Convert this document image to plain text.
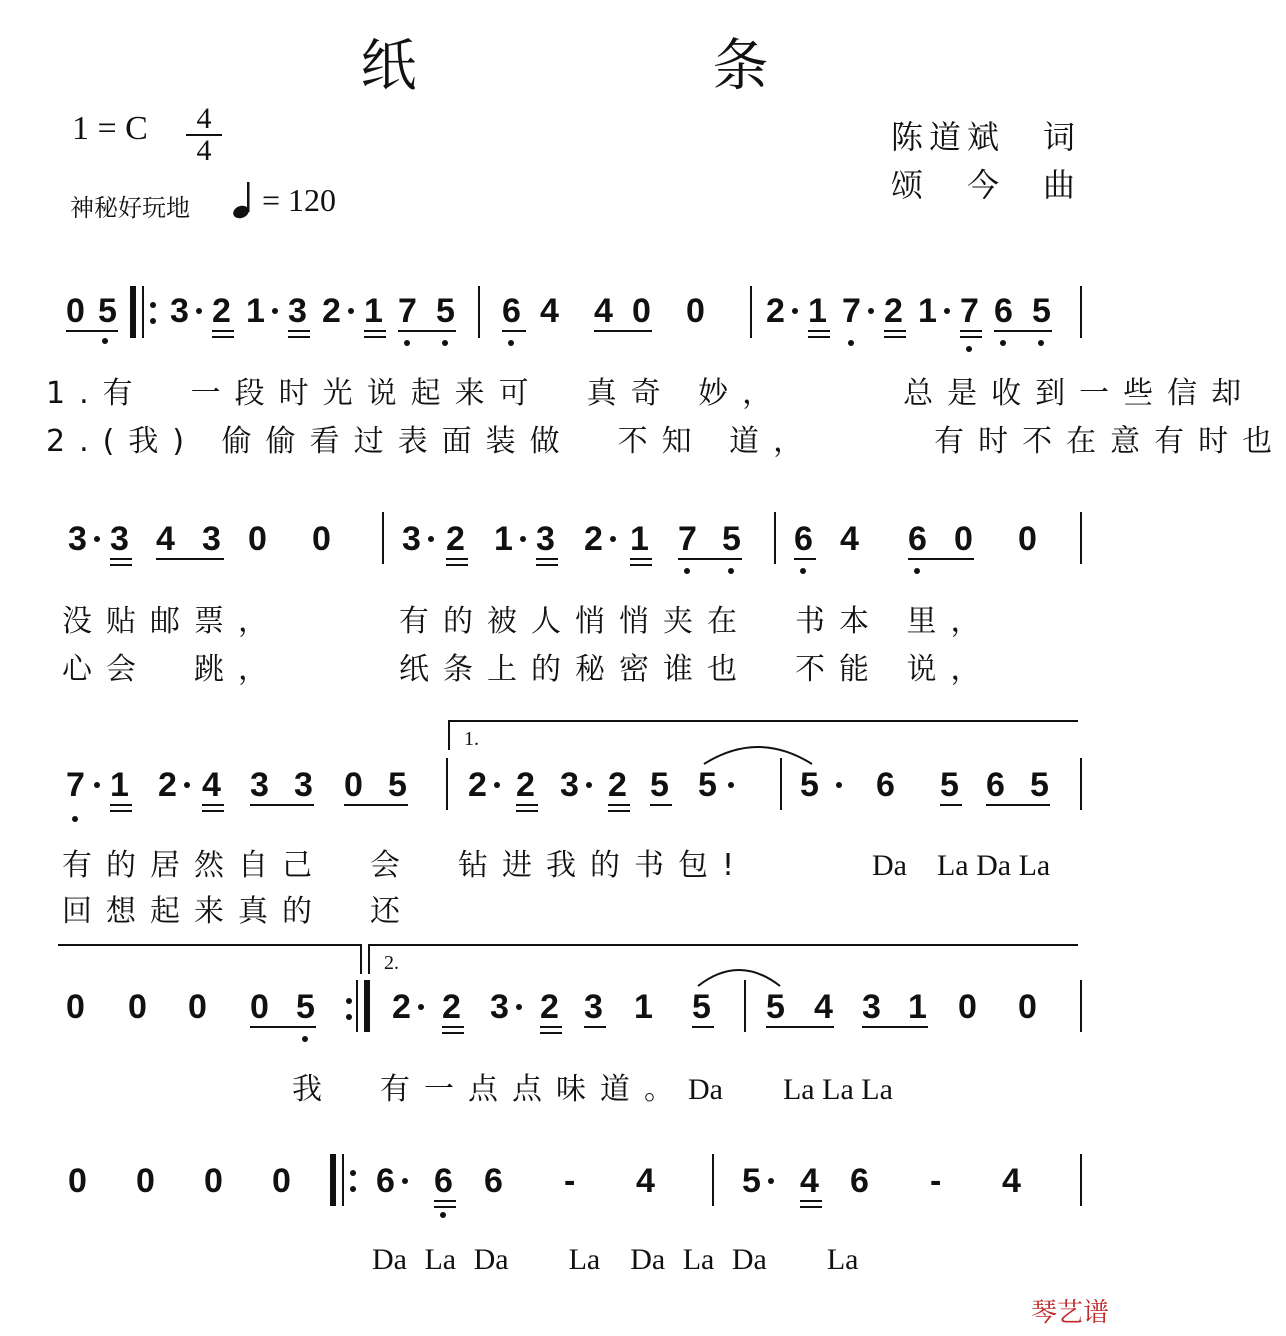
纸　条
1 = C	4
4	陈道斌　词
颂　今　曲
神秘好玩地 = 120
0 5 3 2 1 3 2 1 7 5 6 4 4 0 0 2 1 7 2 1 7 6 5
1.有　一段时光说起来可　真奇 妙，　　　总是收到一些信却
2.(我) 偷偷看过表面装做　不知 道，　　　有时不在意有时也
3 3 4 3 0 0 3 2 1 3 2 1 7 5 6 4 6 0 0
没贴邮票，　　　有的被人悄悄夹在　书本 里，
心会　跳，　　　纸条上的秘密谁也　不能 说，
1.
7 1 2 4 3 3 0 5 2 2 3 2 5 5 5 6 5 6 5
有的居然自己　会　钻进我的书包!	Da　La Da La
回想起来真的　还
2.
0 0 0 0 5 2 2 3 2 3 1 5 5 4 3 1 0 0
我　有一点点味道。 Da　　La La La
0 0 0 0	6 6 6 - 4	5 4 6 - 4
Da La Da　　La　Da La Da　　La
琴艺谱
